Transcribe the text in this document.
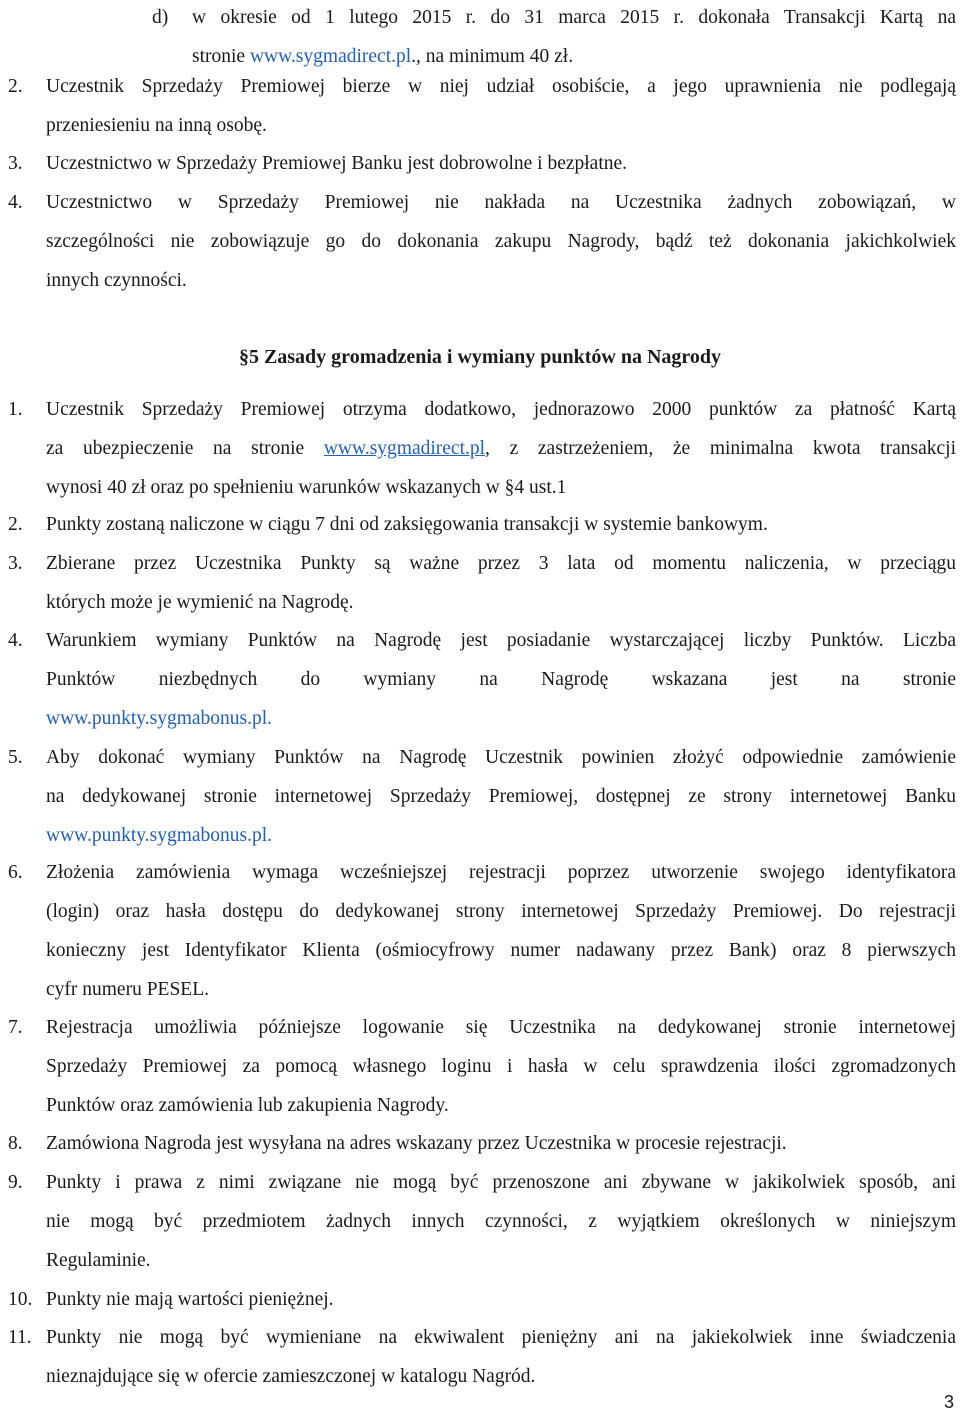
d)	w okresie od 1 lutego 2015 r. do 31 marca 2015 r. dokonała Transakcji Kartą na
stronie www.sygmadirect.pl., na minimum 40 zł.
2.	Uczestnik Sprzedaży Premiowej bierze w niej udział osobiście, a jego uprawnienia nie podlegają
przeniesieniu na inną osobę.
3.	Uczestnictwo w Sprzedaży Premiowej Banku jest dobrowolne i bezpłatne.
4.	Uczestnictwo w Sprzedaży Premiowej nie nakłada na Uczestnika żadnych zobowiązań, w
szczególności nie zobowiązuje go do dokonania zakupu Nagrody, bądź też dokonania jakichkolwiek
innych czynności.
§5 Zasady gromadzenia i wymiany punktów na Nagrody
1.	Uczestnik Sprzedaży Premiowej otrzyma dodatkowo, jednorazowo 2000 punktów za płatność Kartą
za ubezpieczenie na stronie www.sygmadirect.pl, z zastrzeżeniem, że minimalna kwota transakcji
wynosi 40 zł oraz po spełnieniu warunków wskazanych w §4 ust.1
2.	Punkty zostaną naliczone w ciągu 7 dni od zaksięgowania transakcji w systemie bankowym.
3.	Zbierane przez Uczestnika Punkty są ważne przez 3 lata od momentu naliczenia, w przeciągu
których może je wymienić na Nagrodę.
4.	Warunkiem wymiany Punktów na Nagrodę jest posiadanie wystarczającej liczby Punktów. Liczba
Punktów niezbędnych do wymiany na Nagrodę wskazana jest na stronie
www.punkty.sygmabonus.pl.
5.	Aby dokonać wymiany Punktów na Nagrodę Uczestnik powinien złożyć odpowiednie zamówienie
na dedykowanej stronie internetowej Sprzedaży Premiowej, dostępnej ze strony internetowej Banku
www.punkty.sygmabonus.pl.
6.	Złożenia zamówienia wymaga wcześniejszej rejestracji poprzez utworzenie swojego identyfikatora
(login) oraz hasła dostępu do dedykowanej strony internetowej Sprzedaży Premiowej. Do rejestracji
konieczny jest Identyfikator Klienta (ośmiocyfrowy numer nadawany przez Bank) oraz 8 pierwszych
cyfr numeru PESEL.
7.	Rejestracja umożliwia późniejsze logowanie się Uczestnika na dedykowanej stronie internetowej
Sprzedaży Premiowej za pomocą własnego loginu i hasła w celu sprawdzenia ilości zgromadzonych
Punktów oraz zamówienia lub zakupienia Nagrody.
8.	Zamówiona Nagroda jest wysyłana na adres wskazany przez Uczestnika w procesie rejestracji.
9.	Punkty i prawa z nimi związane nie mogą być przenoszone ani zbywane w jakikolwiek sposób, ani
nie mogą być przedmiotem żadnych innych czynności, z wyjątkiem określonych w niniejszym
Regulaminie.
10. Punkty nie mają wartości pieniężnej.
11. Punkty nie mogą być wymieniane na ekwiwalent pieniężny ani na jakiekolwiek inne świadczenia
nieznajdujące się w ofercie zamieszczonej w katalogu Nagród.
3
